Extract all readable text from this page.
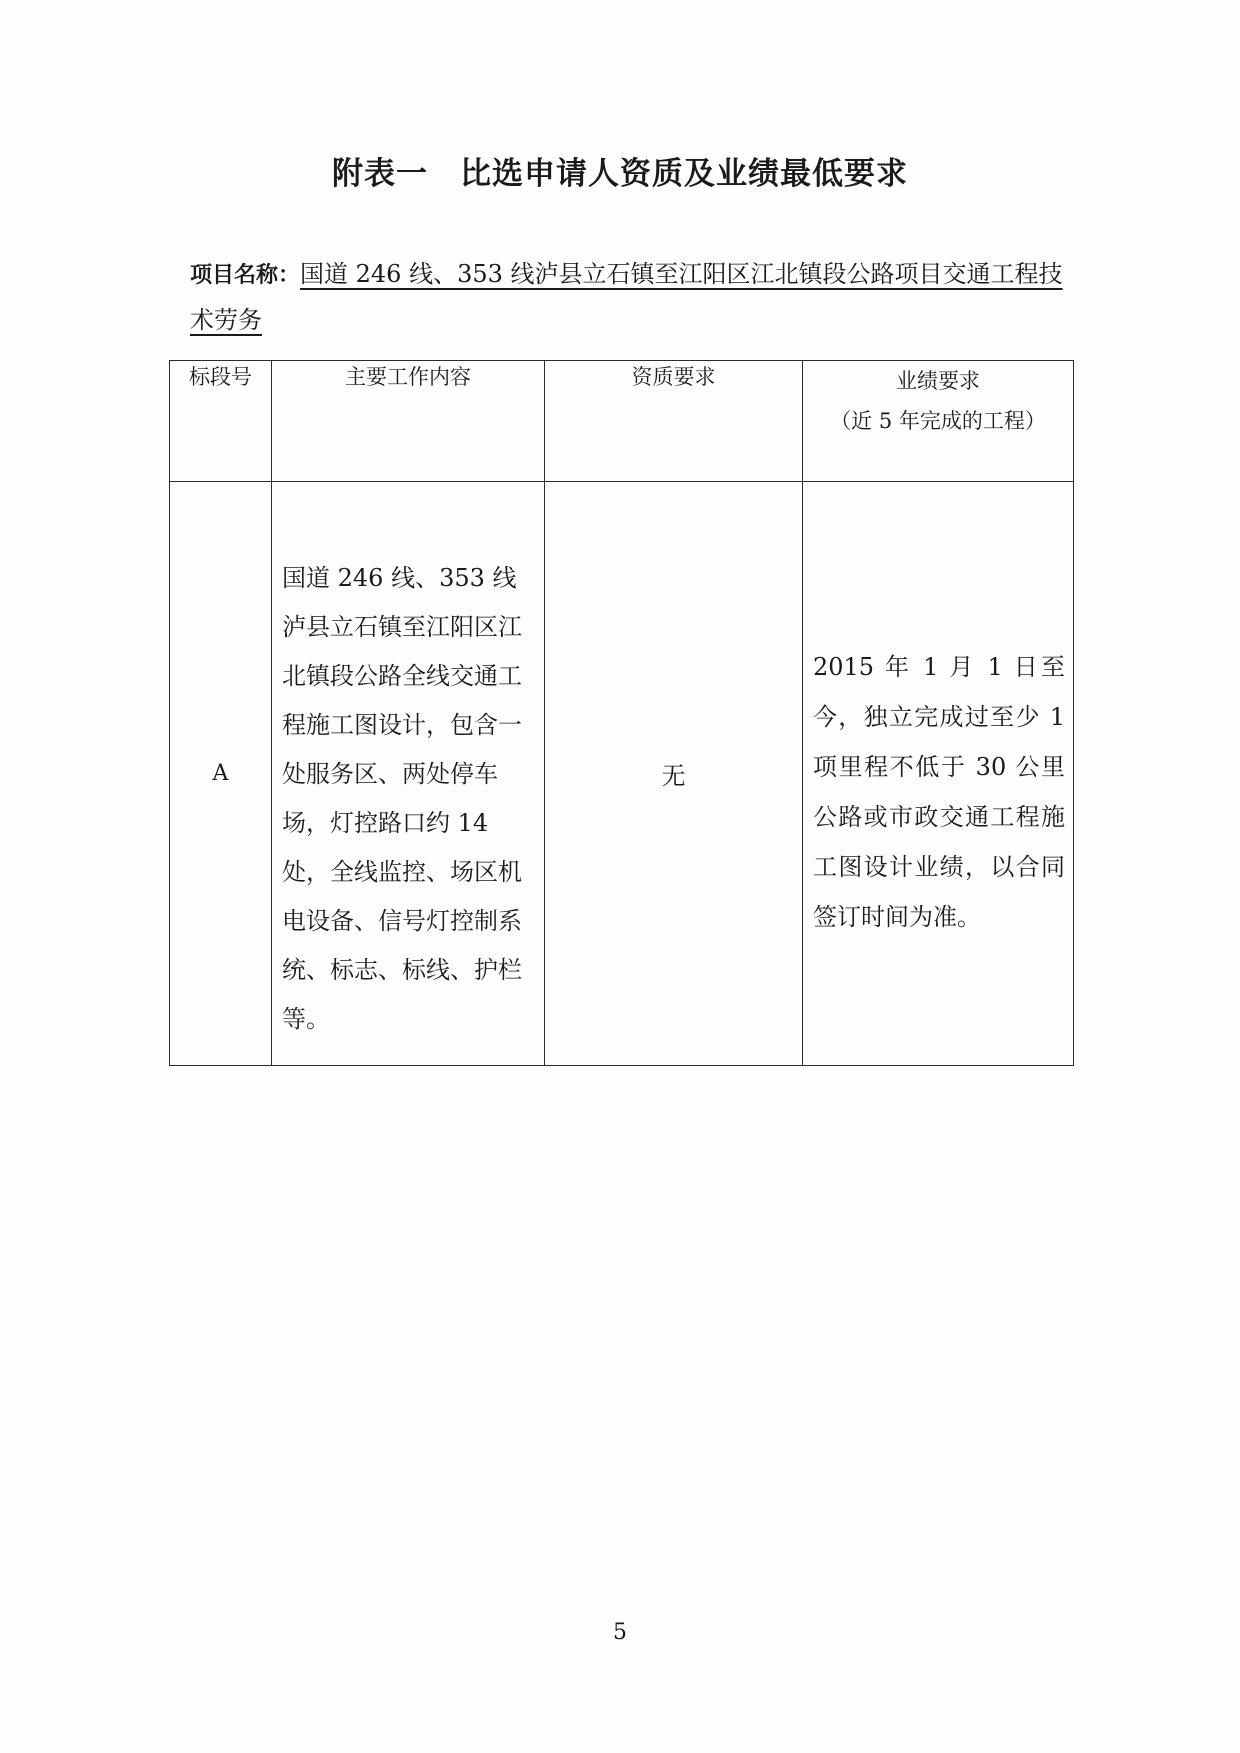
附表一　比选申请人资质及业绩最低要求
项目名称：国道 246 线、353 线泸县立石镇至江阳区江北镇段公路项目交通工程技术劳务
标段号	主要工作内容	资质要求	业绩要求
（近 5 年完成的工程）

A	国道 246 线、353 线泸县立石镇至江阳区江北镇段公路全线交通工程施工图设计，包含一处服务区、两处停车场，灯控路口约 14 处，全线监控、场区机电设备、信号灯控制系统、标志、标线、护栏等。	无	2015 年 1 月 1 日至今，独立完成过至少 1 项里程不低于 30 公里公路或市政交通工程施工图设计业绩，以合同签订时间为准。
5
